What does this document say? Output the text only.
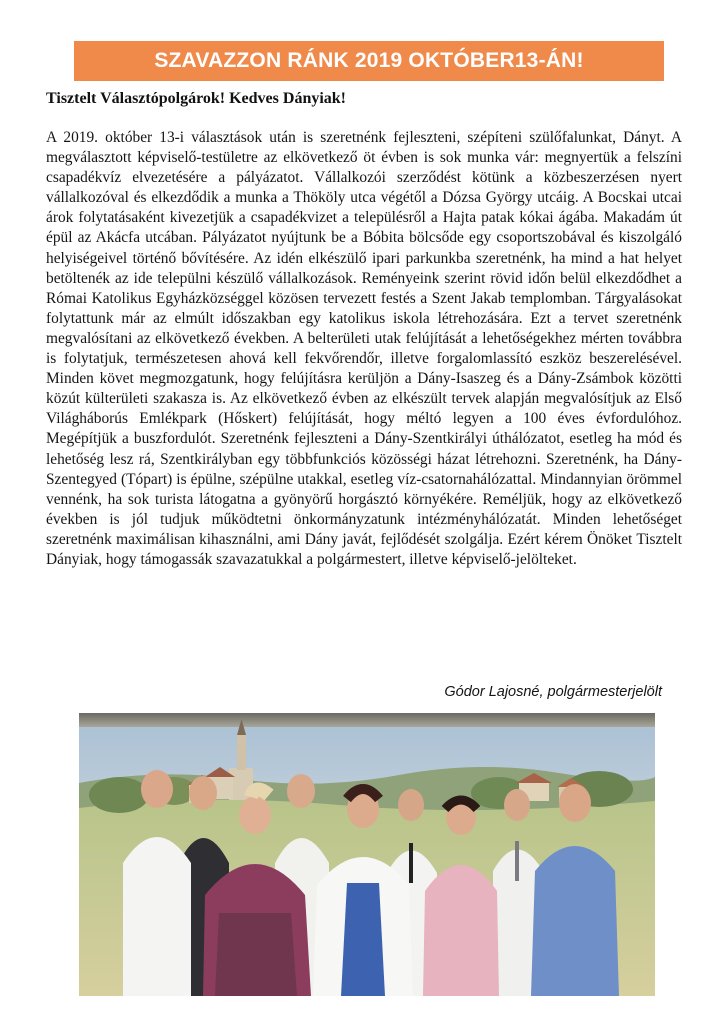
SZAVAZZON RÁNK 2019 OKTÓBER13-ÁN!
Tisztelt Választópolgárok! Kedves Dányiak!

A 2019. október 13-i választások után is szeretnénk fejleszteni, szépíteni szülőfalunkat, Dányt. A megválasztott képviselő-testületre az elkövetkező öt évben is sok munka vár: megnyertük a felszíni csapadékvíz elvezetésére a pályázatot. Vállalkozói szerződést kötünk a közbeszerzésen nyert vállalkozóval és elkezdődik a munka a Thököly utca végétől a Dózsa György utcáig. A Bocskai utcai árok folytatásaként kivezetjük a csapadékvizet a településről a Hajta patak kókai ágába. Makadám út épül az Akácfa utcában. Pályázatot nyújtunk be a Bóbita bölcsőde egy csoportszobával és kiszolgáló helyiségeivel történő bővítésére. Az idén elkészülő ipari parkunkba szeretnénk, ha mind a hat helyet betöltenék az ide települni készülő vállalkozások. Reményeink szerint rövid időn belül elkezdődhet a Római Katolikus Egyházközséggel közösen tervezett festés a Szent Jakab templomban. Tárgyalásokat folytattunk már az elmúlt időszakban egy katolikus iskola létrehozására. Ezt a tervet szeretnénk megvalósítani az elkövetkező években. A belterületi utak felújítását a lehetőségekhez mérten továbbra is folytatjuk, természetesen ahová kell fekvőrendőr, illetve forgalomlassító eszköz beszerelésével. Minden követ megmozgatunk, hogy felújításra kerüljön a Dány-Isaszeg és a Dány-Zsámbok közötti közút külterületi szakasza is. Az elkövetkező évben az elkészült tervek alapján megvalósítjuk az Első Világháborús Emlékpark (Hőskert) felújítását, hogy méltó legyen a 100 éves évfordulóhoz. Megépítjük a buszfordulót. Szeretnénk fejleszteni a Dány-Szentkirályi úthálózatot, esetleg ha mód és lehetőség lesz rá, Szentkirályban egy többfunkciós közösségi házat létrehozni. Szeretnénk, ha Dány-Szentegyed (Tópart) is épülne, szépülne utakkal, esetleg víz-csatornahálózattal. Mindannyian örömmel vennénk, ha sok turista látogatna a gyönyörű horgásztó környékére. Reméljük, hogy az elkövetkező években is jól tudjuk működtetni önkormányzatunk intézményhálózatát. Minden lehetőséget szeretnénk maximálisan kihasználni, ami Dány javát, fejlődését szolgálja. Ezért kérem Önöket Tisztelt Dányiak, hogy támogassák szavazatukkal a polgármestert, illetve képviselő-jelölteket.

Gódor Lajosné, polgármesterjelölt
